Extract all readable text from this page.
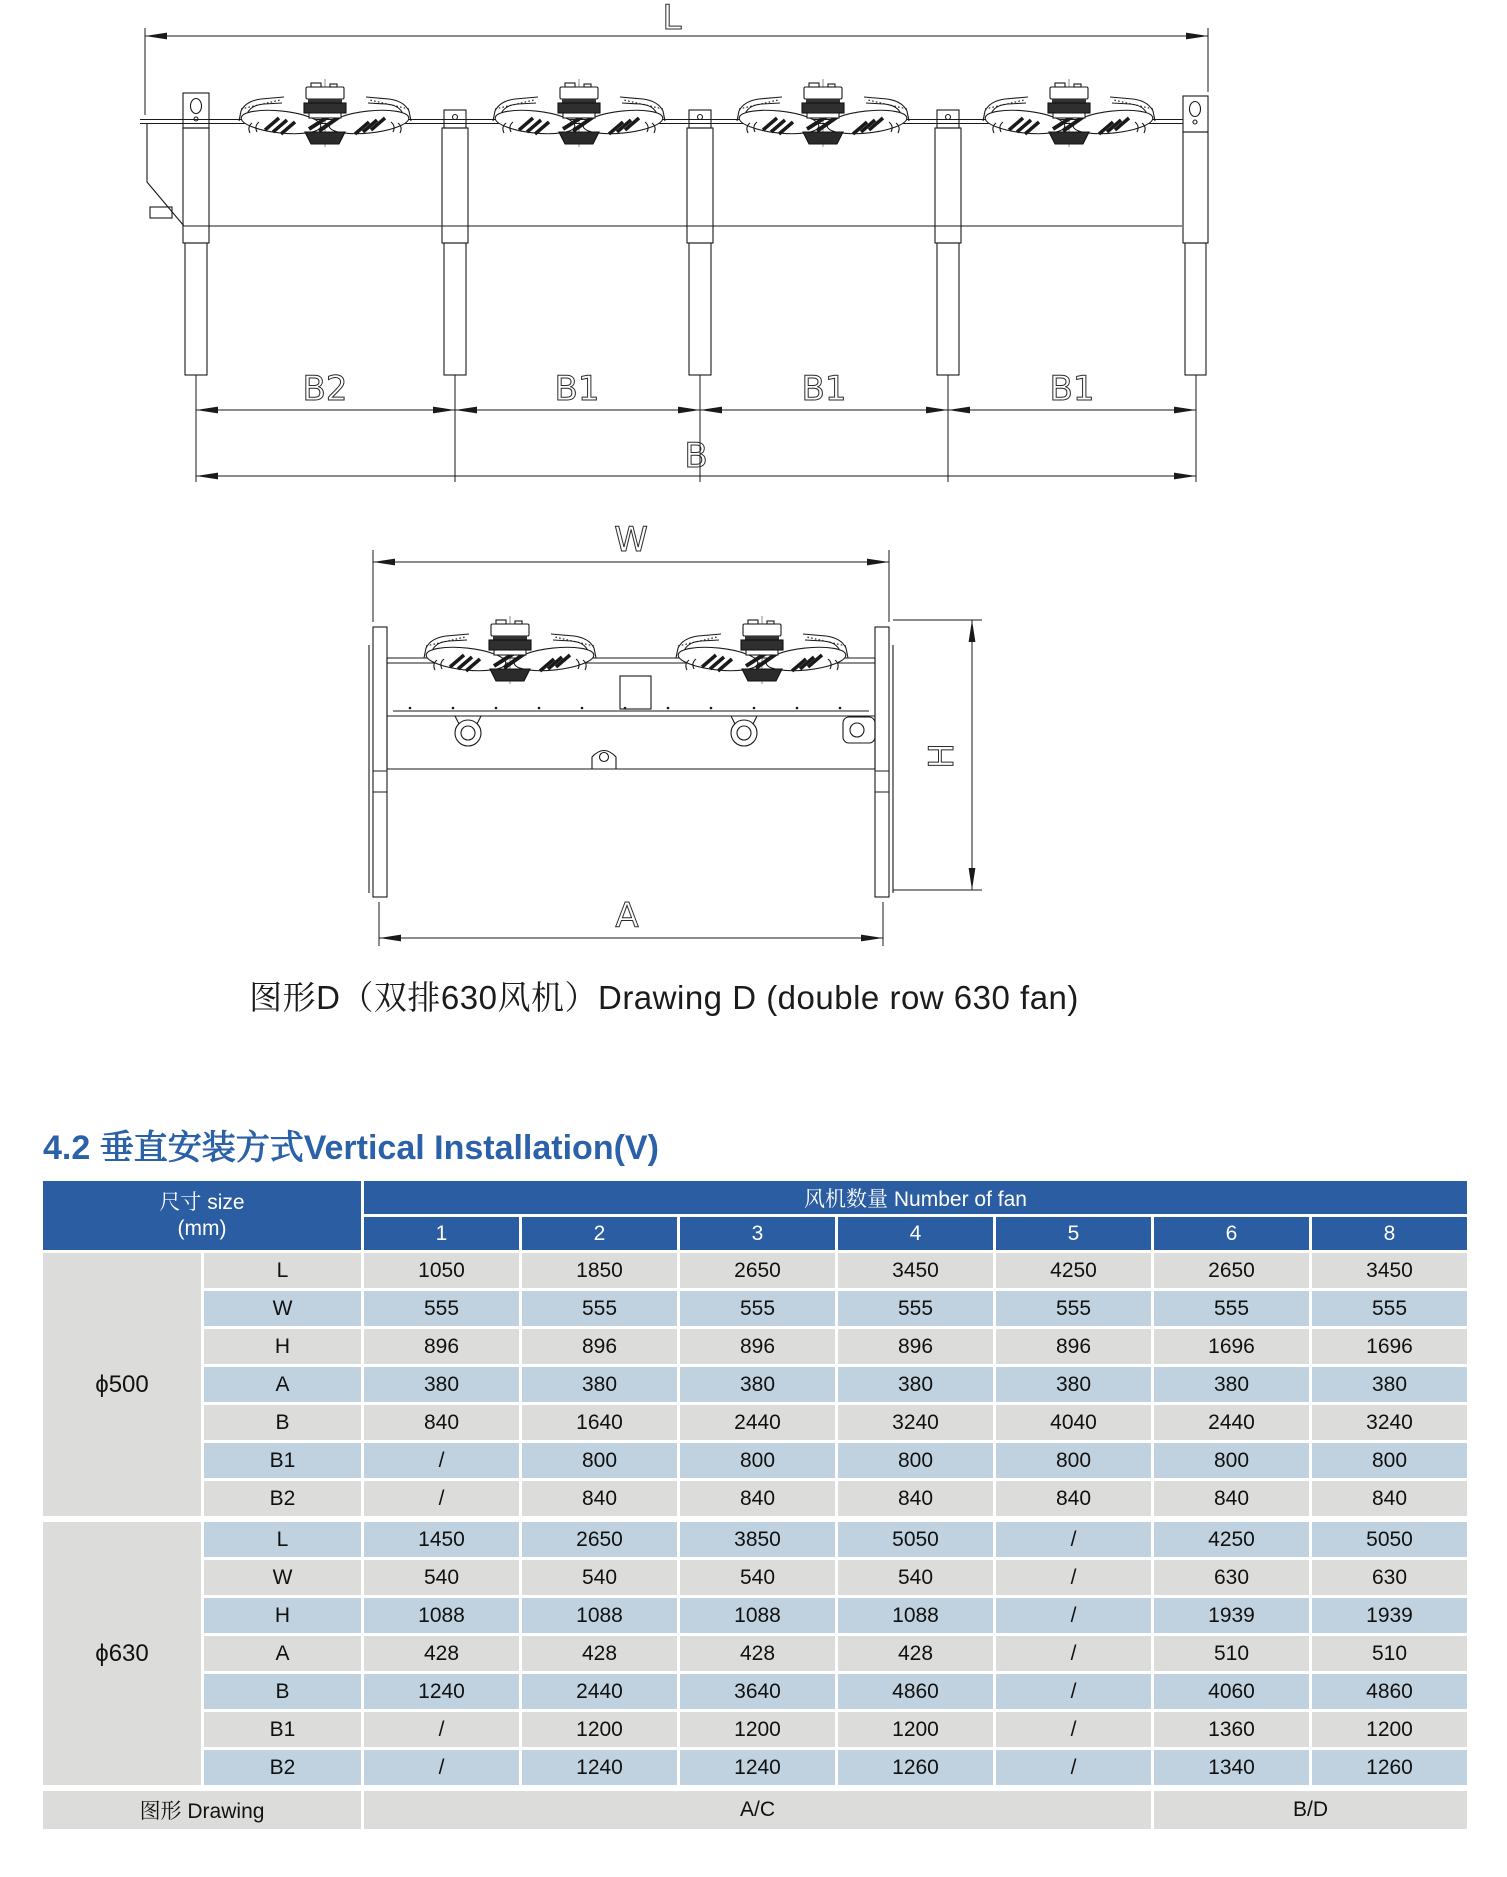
L
B2	B1	B1	B1
B
W
H
A
图形D（双排630风机）Drawing D (double row 630 fan)
4.2 垂直安装方式Vertical Installation(V)
尺寸 size
(mm)		风机数量 Number of fan						
		1	2	3	4	5	6	8
ϕ500	L	1050	1850	2650	3450	4250	2650	3450
	W	555	555	555	555	555	555	555
	H	896	896	896	896	896	1696	1696
	A	380	380	380	380	380	380	380
	B	840	1640	2440	3240	4040	2440	3240
	B1	/	800	800	800	800	800	800
	B2	/	840	840	840	840	840	840

ϕ630	L	1450	2650	3850	5050	/	4250	5050
	W	540	540	540	540	/	630	630
	H	1088	1088	1088	1088	/	1939	1939
	A	428	428	428	428	/	510	510
	B	1240	2440	3640	4860	/	4060	4860
	B1	/	1200	1200	1200	/	1360	1200
	B2	/	1240	1240	1260	/	1340	1260

图形 Drawing		A/C					B/D	
